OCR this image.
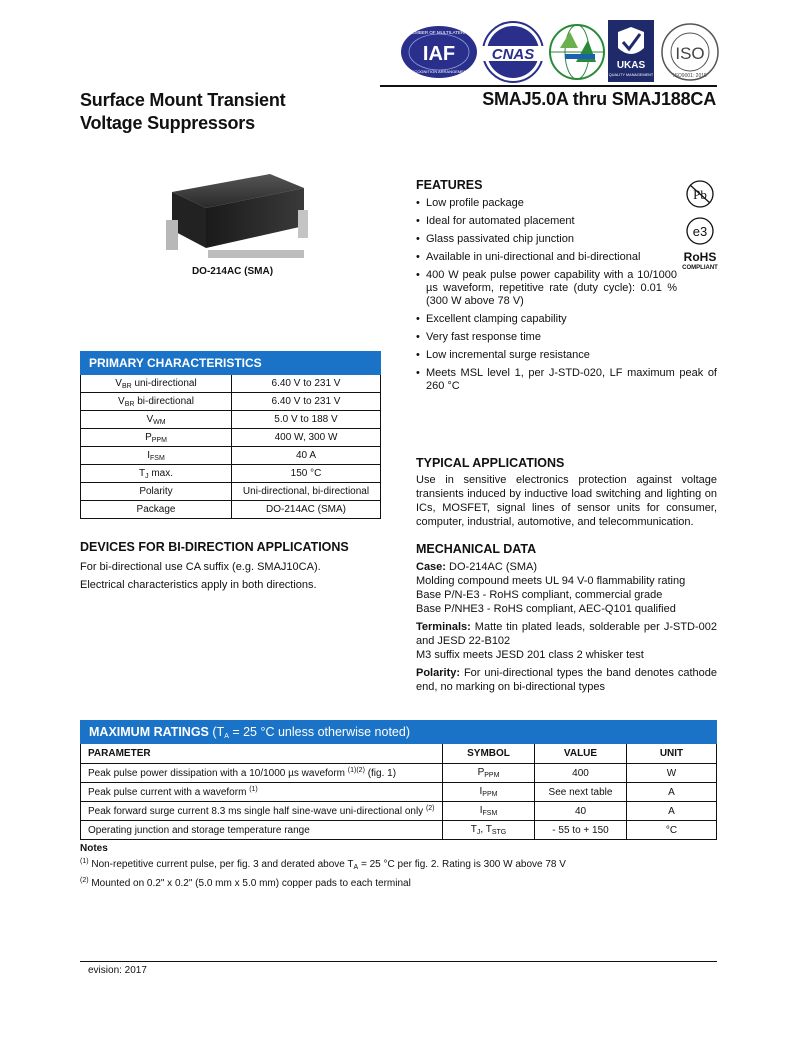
IAF
MEMBER OF MULTILATERAL
RECOGNITION ARRANGEMENT
CNAS
UKAS
QUALITY MANAGEMENT
ISO
ISO9001: 2015
Surface Mount Transient
Voltage Suppressors
SMAJ5.0A thru SMAJ188CA
DO-214AC (SMA)
FEATURES
• Low profile package
• Ideal for automated placement
• Glass passivated chip junction
• Available in uni-directional and bi-directional
• 400 W peak pulse power capability with a 10/1000 µs waveform, repetitive rate (duty cycle): 0.01 % (300 W above 78 V)
• Excellent clamping capability
• Very fast response time
• Low incremental surge resistance
• Meets MSL level 1, per J-STD-020, LF maximum peak of 260 °C
Pb
e3
RoHS
COMPLIANT
PRIMARY CHARACTERISTICS	
$V_{BR}$ uni-directional	6.40 V to 231 V
$V_{BR}$ bi-directional	6.40 V to 231 V
$V_{WM}$	5.0 V to 188 V
$P_{PPM}$	400 W, 300 W
$I_{FSM}$	40 A
$T_J$ max.	150 °C
Polarity	Uni-directional, bi-directional
Package	DO-214AC (SMA)
DEVICES FOR BI-DIRECTION APPLICATIONS
For bi-directional use CA suffix (e.g. SMAJ10CA).
Electrical characteristics apply in both directions.
TYPICAL APPLICATIONS
Use in sensitive electronics protection against voltage transients induced by inductive load switching and lighting on ICs, MOSFET, signal lines of sensor units for consumer, computer, industrial, automotive, and telecommunication.
MECHANICAL DATA
Case: DO-214AC (SMA)
Molding compound meets UL 94 V-0 flammability rating
Base P/N-E3 - RoHS compliant, commercial grade
Base P/NHE3 - RoHS compliant, AEC-Q101 qualified
Terminals: Matte tin plated leads, solderable per J-STD-002 and JESD 22-B102
M3 suffix meets JESD 201 class 2 whisker test
Polarity: For uni-directional types the band denotes cathode end, no marking on bi-directional types
MAXIMUM RATINGS ($T_A = 25$ °C unless otherwise noted)			
PARAMETER	SYMBOL	VALUE	UNIT
Peak pulse power dissipation with a 10/1000 µs waveform $^{(1)(2)}$ (fig. 1)	$P_{PPM}$	400	W
Peak pulse current with a waveform $^{(1)}$	$I_{PPM}$	See next table	A
Peak forward surge current 8.3 ms single half sine-wave uni-directional only $^{(2)}$	$I_{FSM}$	40	A
Operating junction and storage temperature range	$T_J$, $T_{STG}$	- 55 to + 150	°C
Notes
$^{(1)}$ Non-repetitive current pulse, per fig. 3 and derated above $T_A = 25$ °C per fig. 2. Rating is 300 W above 78 V
$^{(2)}$ Mounted on 0.2" x 0.2" (5.0 mm x 5.0 mm) copper pads to each terminal
evision: 2017
